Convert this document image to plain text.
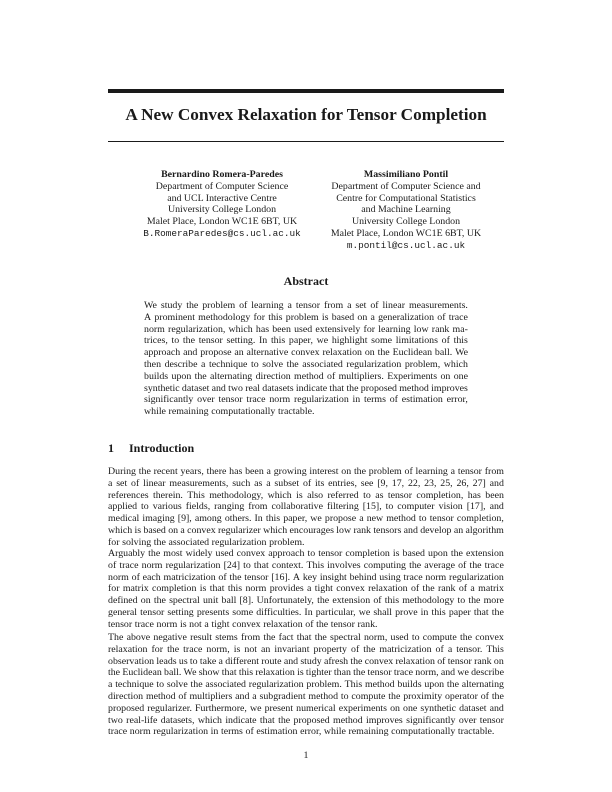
A New Convex Relaxation for Tensor Completion
Bernardino Romera-Paredes
Department of Computer Science
and UCL Interactive Centre
University College London
Malet Place, London WC1E 6BT, UK
B.RomeraParedes@cs.ucl.ac.uk
Massimiliano Pontil
Department of Computer Science and
Centre for Computational Statistics
and Machine Learning
University College London
Malet Place, London WC1E 6BT, UK
m.pontil@cs.ucl.ac.uk
Abstract
We study the problem of learning a tensor from a set of linear measurements.
A prominent methodology for this problem is based on a generalization of trace
norm regularization, which has been used extensively for learning low rank ma-
trices, to the tensor setting. In this paper, we highlight some limitations of this
approach and propose an alternative convex relaxation on the Euclidean ball. We
then describe a technique to solve the associated regularization problem, which
builds upon the alternating direction method of multipliers. Experiments on one
synthetic dataset and two real datasets indicate that the proposed method improves
significantly over tensor trace norm regularization in terms of estimation error,
while remaining computationally tractable.
1 Introduction
During the recent years, there has been a growing interest on the problem of learning a tensor from
a set of linear measurements, such as a subset of its entries, see [9, 17, 22, 23, 25, 26, 27] and
references therein. This methodology, which is also referred to as tensor completion, has been
applied to various fields, ranging from collaborative filtering [15], to computer vision [17], and
medical imaging [9], among others. In this paper, we propose a new method to tensor completion,
which is based on a convex regularizer which encourages low rank tensors and develop an algorithm
for solving the associated regularization problem.
Arguably the most widely used convex approach to tensor completion is based upon the extension
of trace norm regularization [24] to that context. This involves computing the average of the trace
norm of each matricization of the tensor [16]. A key insight behind using trace norm regularization
for matrix completion is that this norm provides a tight convex relaxation of the rank of a matrix
defined on the spectral unit ball [8]. Unfortunately, the extension of this methodology to the more
general tensor setting presents some difficulties. In particular, we shall prove in this paper that the
tensor trace norm is not a tight convex relaxation of the tensor rank.
The above negative result stems from the fact that the spectral norm, used to compute the convex
relaxation for the trace norm, is not an invariant property of the matricization of a tensor. This
observation leads us to take a different route and study afresh the convex relaxation of tensor rank on
the Euclidean ball. We show that this relaxation is tighter than the tensor trace norm, and we describe
a technique to solve the associated regularization problem. This method builds upon the alternating
direction method of multipliers and a subgradient method to compute the proximity operator of the
proposed regularizer. Furthermore, we present numerical experiments on one synthetic dataset and
two real-life datasets, which indicate that the proposed method improves significantly over tensor
trace norm regularization in terms of estimation error, while remaining computationally tractable.
1
